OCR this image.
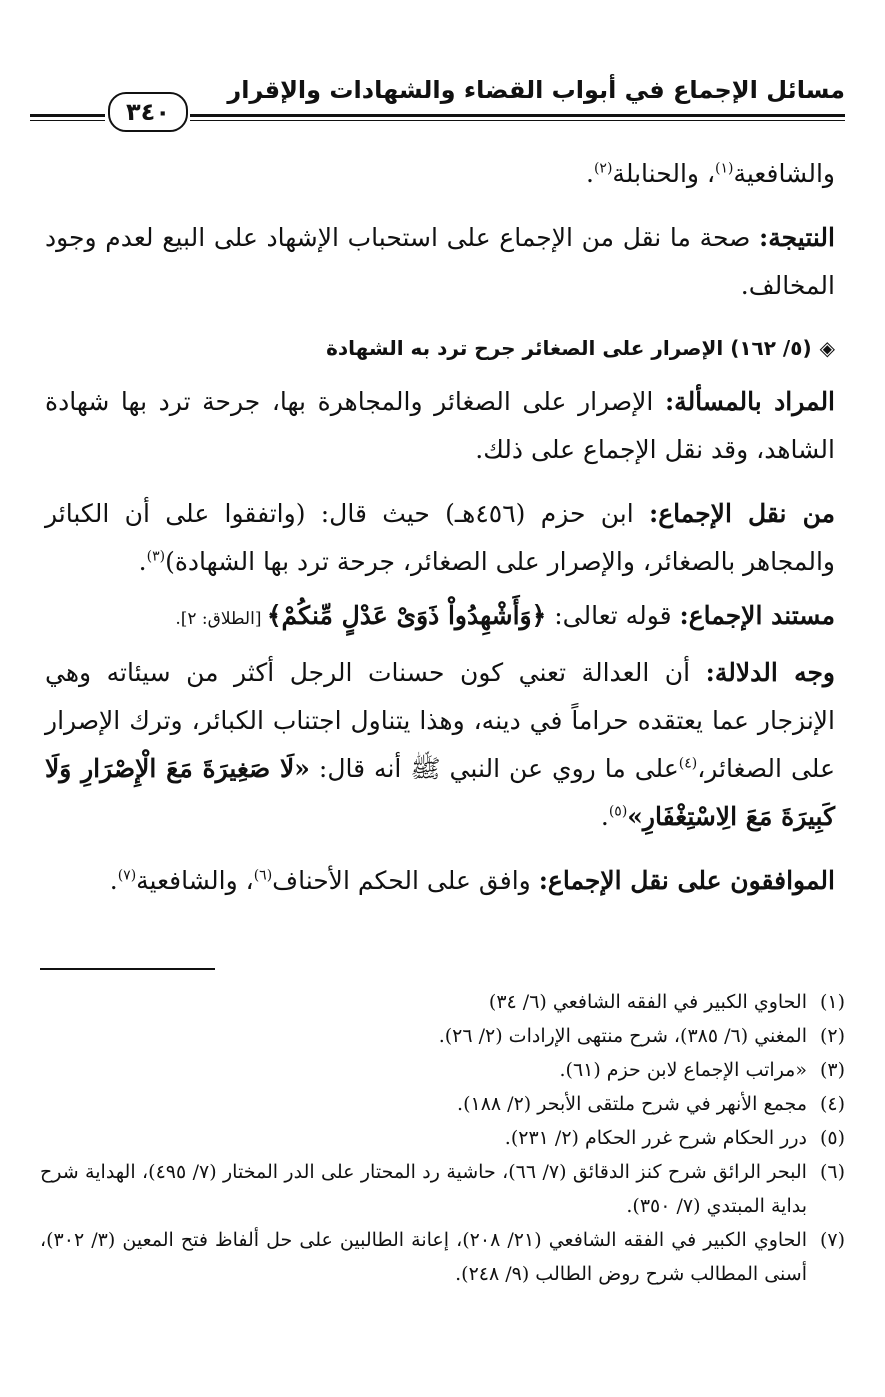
مسائل الإجماع في أبواب القضاء والشهادات والإقرار
٣٤٠

والشافعية$^{(١)}$، والحنابلة$^{(٢)}$.

النتيجة: صحة ما نقل من الإجماع على استحباب الإشهاد على البيع لعدم وجود المخالف.

◈(٥/ ١٦٢) الإصرار على الصغائر جرح ترد به الشهادة

المراد بالمسألة: الإصرار على الصغائر والمجاهرة بها، جرحة ترد بها شهادة الشاهد، وقد نقل الإجماع على ذلك.

من نقل الإجماع: ابن حزم (٤٥٦هـ) حيث قال: (واتفقوا على أن الكبائر والمجاهر بالصغائر، والإصرار على الصغائر، جرحة ترد بها الشهادة)$^{(٣)}$.

مستند الإجماع: قوله تعالى: ﴿وَأَشْهِدُواْ ذَوَىْ عَدْلٍ مِّنكُمْ﴾ [الطلاق: ٢].

وجه الدلالة: أن العدالة تعني كون حسنات الرجل أكثر من سيئاته وهي الإنزجار عما يعتقده حراماً في دينه، وهذا يتناول اجتناب الكبائر، وترك الإصرار على الصغائر،$^{(٤)}$على ما روي عن النبي ﷺ أنه قال: «لَا صَغِيرَةَ مَعَ الْإِصْرَارِ وَلَا كَبِيرَةَ مَعَ الِاسْتِغْفَارِ»$^{(٥)}$.

الموافقون على نقل الإجماع: وافق على الحكم الأحناف$^{(٦)}$، والشافعية$^{(٧)}$.

(١)
الحاوي الكبير في الفقه الشافعي (٦/ ٣٤)
(٢)
المغني (٦/ ٣٨٥)، شرح منتهى الإرادات (٢/ ٢٦).
(٣)
«مراتب الإجماع لابن حزم (٦١).
(٤)
مجمع الأنهر في شرح ملتقى الأبحر (٢/ ١٨٨).
(٥)
درر الحكام شرح غرر الحكام (٢/ ٢٣١).
(٦)
البحر الرائق شرح كنز الدقائق (٧/ ٦٦)، حاشية رد المحتار على الدر المختار (٧/ ٤٩٥)، الهداية شرح بداية المبتدي (٧/ ٣٥٠).
(٧)
الحاوي الكبير في الفقه الشافعي (٢١/ ٢٠٨)، إعانة الطالبين على حل ألفاظ فتح المعين (٣/ ٣٠٢)، أسنى المطالب شرح روض الطالب (٩/ ٢٤٨).
